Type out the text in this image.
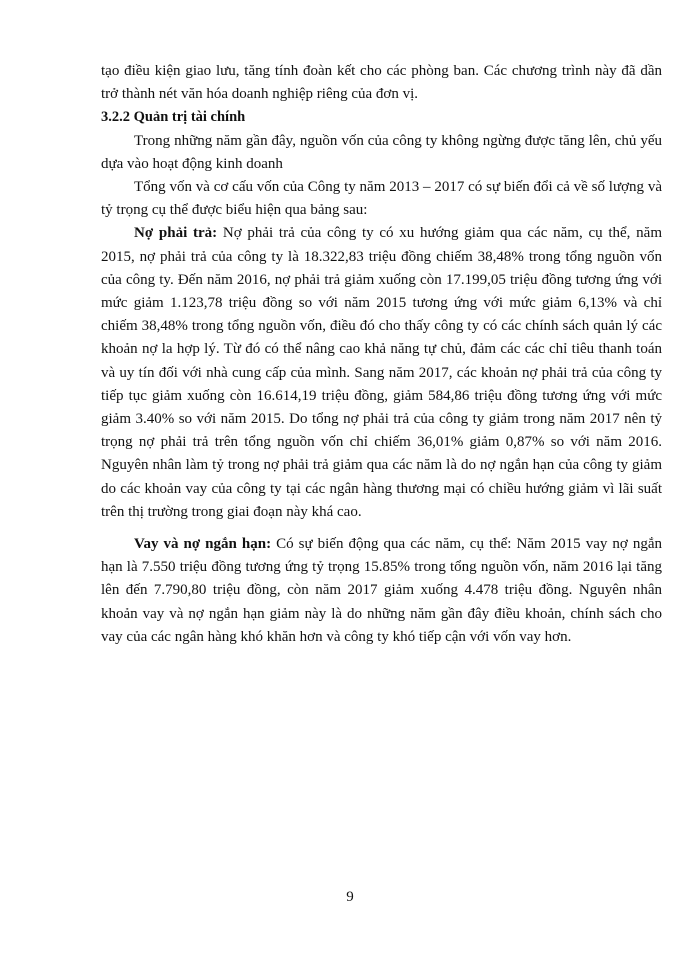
tạo điều kiện giao lưu, tăng tính đoàn kết cho các phòng ban. Các chương trình này đã dần trở thành nét văn hóa doanh nghiệp riêng của đơn vị.

3.2.2 Quản trị tài chính

Trong những năm gần đây, nguồn vốn của công ty không ngừng được tăng lên, chủ yếu dựa vào hoạt động kinh doanh

Tổng vốn và cơ cấu vốn của Công ty năm 2013 – 2017 có sự biến đổi cả về số lượng và tỷ trọng cụ thể được biểu hiện qua bảng sau:

Nợ phải trả: Nợ phải trả của công ty có xu hướng giảm qua các năm, cụ thể, năm 2015, nợ phải trả của công ty là 18.322,83 triệu đồng chiếm 38,48% trong tổng nguồn vốn của công ty. Đến năm 2016, nợ phải trả giảm xuống còn 17.199,05 triệu đồng tương ứng với mức giảm 1.123,78 triệu đồng so với năm 2015 tương ứng với mức giảm 6,13% và chỉ chiếm 38,48% trong tổng nguồn vốn, điều đó cho thấy công ty có các chính sách quản lý các khoản nợ la hợp lý. Từ đó có thể nâng cao khả năng tự chủ, đảm các các chỉ tiêu thanh toán và uy tín đối với nhà cung cấp của mình. Sang năm 2017, các khoản nợ phải trả của công ty tiếp tục giảm xuống còn 16.614,19 triệu đồng, giảm 584,86 triệu đồng tương ứng với mức giảm 3.40% so với năm 2015. Do tổng nợ phải trả của công ty giảm trong năm 2017 nên tỷ trọng nợ phải trả trên tổng nguồn vốn chỉ chiếm 36,01% giảm 0,87% so với năm 2016. Nguyên nhân làm tỷ trong nợ phải trả giảm qua các năm là do nợ ngắn hạn của công ty giảm do các khoản vay của công ty tại các ngân hàng thương mại có chiều hướng giảm vì lãi suất trên thị trường trong giai đoạn này khá cao.

Vay và nợ ngắn hạn: Có sự biến động qua các năm, cụ thể: Năm 2015 vay nợ ngắn hạn là 7.550 triệu đồng tương ứng tỷ trọng 15.85% trong tổng nguồn vốn, năm 2016 lại tăng lên đến 7.790,80 triệu đồng, còn năm 2017 giảm xuống 4.478 triệu đồng. Nguyên nhân khoản vay và nợ ngắn hạn giảm này là do những năm gần đây điều khoản, chính sách cho vay của các ngân hàng khó khăn hơn và công ty khó tiếp cận với vốn vay hơn.

9
